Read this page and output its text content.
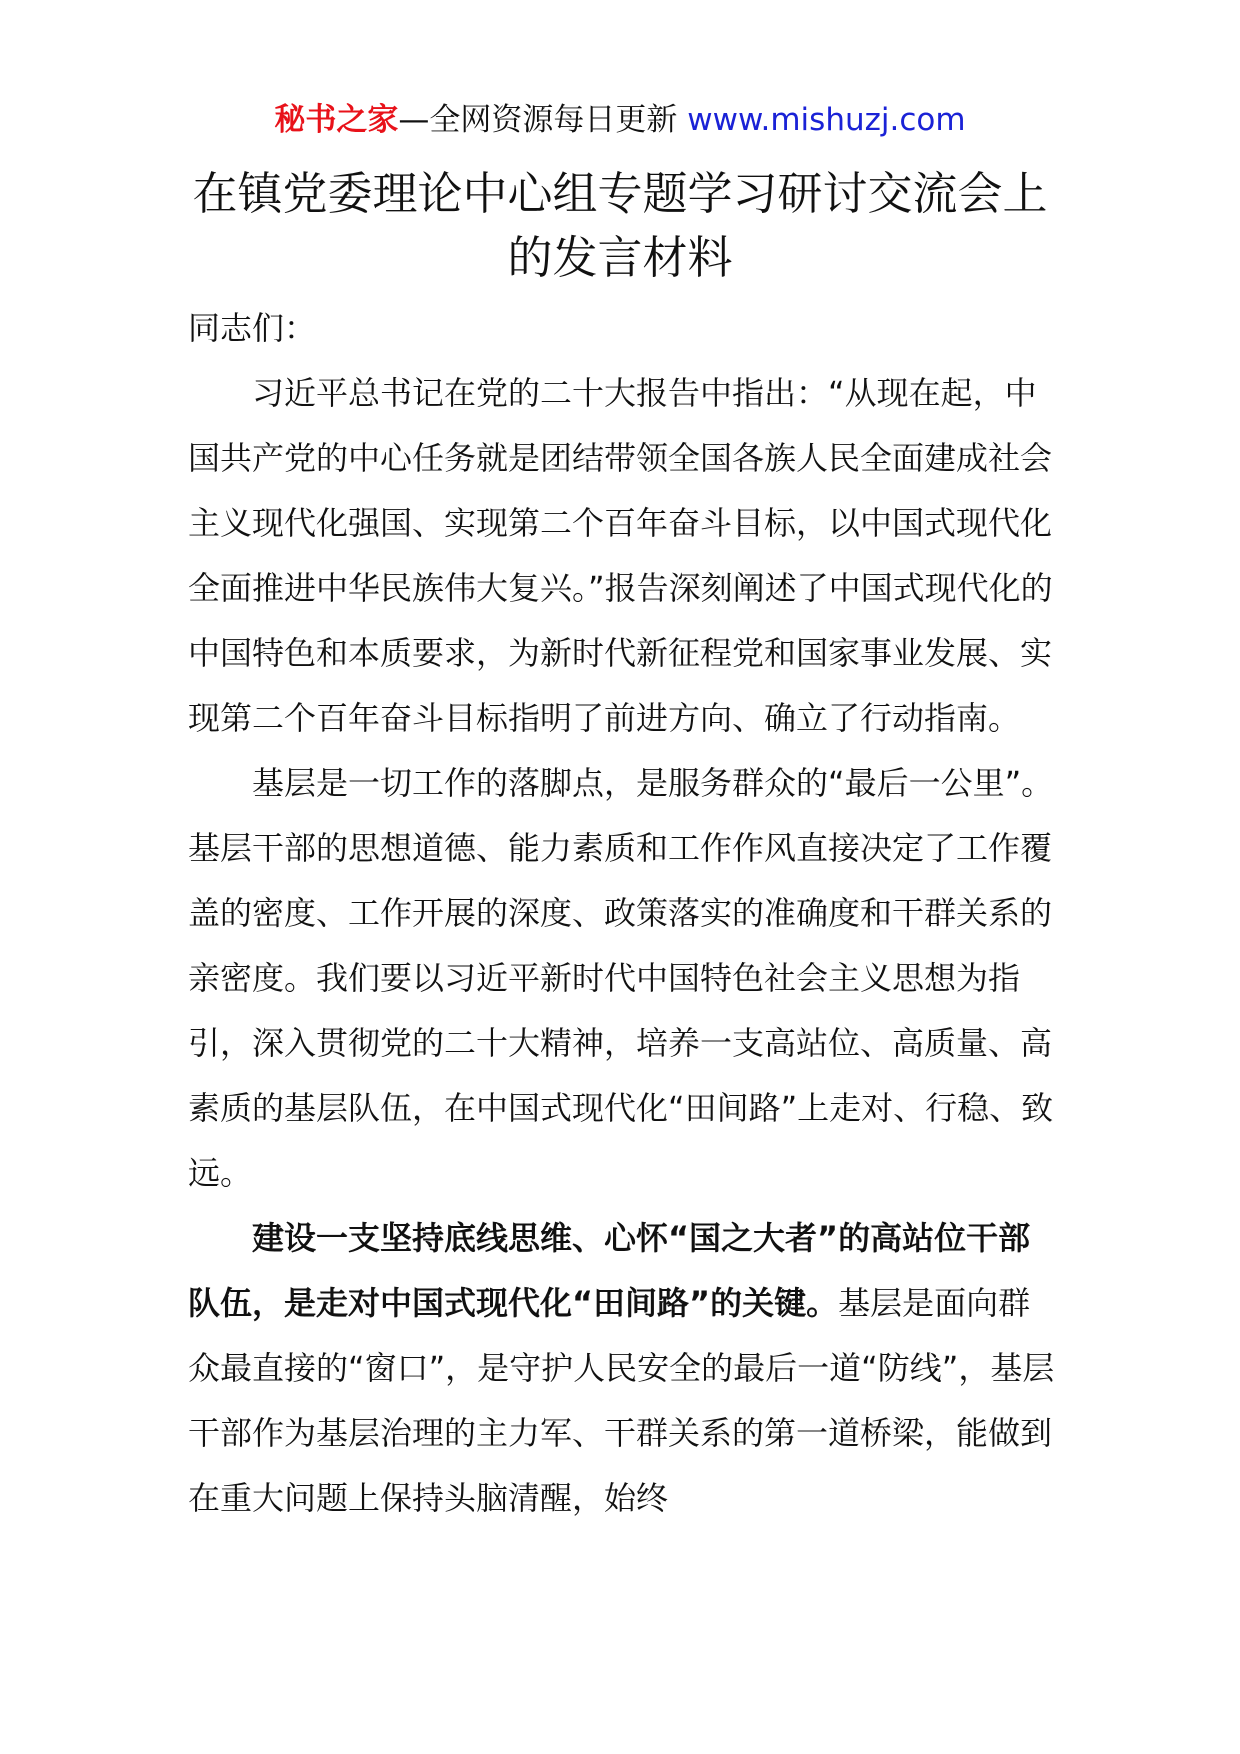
秘书之家—全网资源每日更新 www.mishuzj.com
在镇党委理论中心组专题学习研讨交流会上的发言材料

同志们：

习近平总书记在党的二十大报告中指出：“从现在起，中国共产党的中心任务就是团结带领全国各族人民全面建成社会主义现代化强国、实现第二个百年奋斗目标，以中国式现代化全面推进中华民族伟大复兴。”报告深刻阐述了中国式现代化的中国特色和本质要求，为新时代新征程党和国家事业发展、实现第二个百年奋斗目标指明了前进方向、确立了行动指南。

基层是一切工作的落脚点，是服务群众的“最后一公里”。基层干部的思想道德、能力素质和工作作风直接决定了工作覆盖的密度、工作开展的深度、政策落实的准确度和干群关系的亲密度。我们要以习近平新时代中国特色社会主义思想为指引，深入贯彻党的二十大精神，培养一支高站位、高质量、高素质的基层队伍，在中国式现代化“田间路”上走对、行稳、致远。

建设一支坚持底线思维、心怀“国之大者”的高站位干部队伍，是走对中国式现代化“田间路”的关键。基层是面向群众最直接的“窗口”，是守护人民安全的最后一道“防线”，基层干部作为基层治理的主力军、干群关系的第一道桥梁，能做到在重大问题上保持头脑清醒，始终
